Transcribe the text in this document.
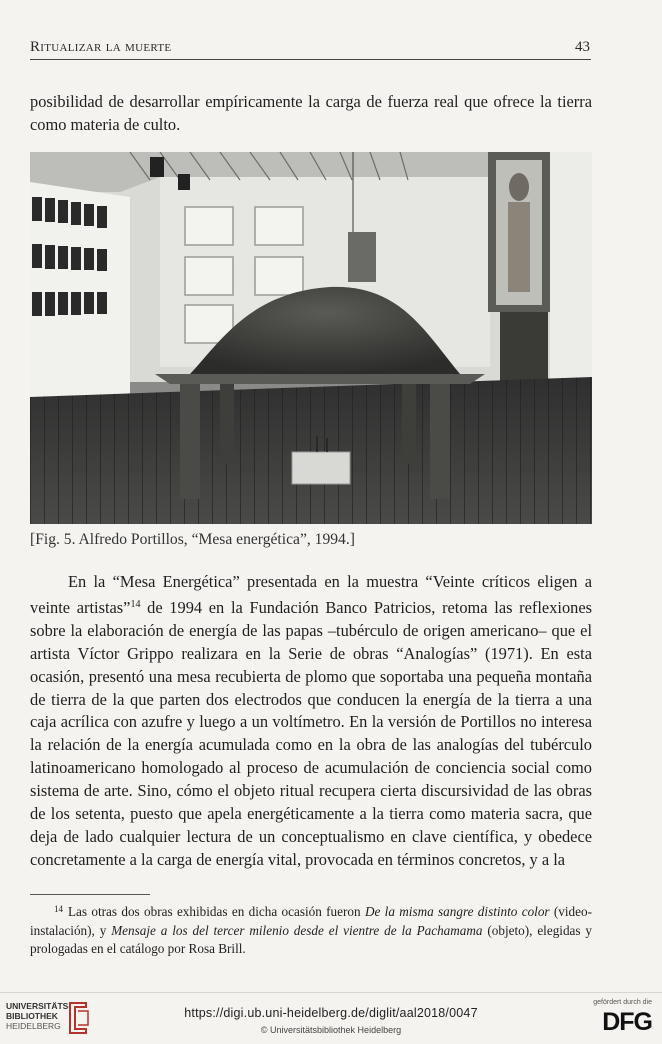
Ritualizar la muerte	43

posibilidad de desarrollar empíricamente la carga de fuerza real que ofrece la tierra como materia de culto.

[Fig. 5. Alfredo Portillos, “Mesa energética”, 1994.]

En la “Mesa Energética” presentada en la muestra “Veinte críticos eligen a veinte artistas”$^{14}$ de 1994 en la Fundación Banco Patricios, retoma las reflexiones sobre la elaboración de energía de las papas –tubérculo de origen americano– que el artista Víctor Grippo realizara en la Serie de obras “Analogías” (1971). En esta ocasión, presentó una mesa recubierta de plomo que soportaba una pequeña montaña de tierra de la que parten dos electrodos que conducen la energía de la tierra a una caja acrílica con azufre y luego a un voltímetro. En la versión de Portillos no interesa la relación de la energía acumulada como en la obra de las analogías del tubérculo latinoamericano homologado al proceso de acumulación de conciencia social como sistema de arte. Sino, cómo el objeto ritual recupera cierta discursividad de las obras de los setenta, puesto que apela energéticamente a la tierra como materia sacra, que deja de lado cualquier lectura de un conceptualismo en clave científica, y obedece concretamente a la carga de energía vital, provocada en términos concretos, y a la

$^{14}$ Las otras dos obras exhibidas en dicha ocasión fueron De la misma sangre distinto color (video-instalación), y Mensaje a los del tercer milenio desde el vientre de la Pachamama (objeto), elegidas y prologadas en el catálogo por Rosa Brill.

UNIVERSITÄTS-
BIBLIOTHEK
HEIDELBERG
https://digi.ub.uni-heidelberg.de/diglit/aal2018/0047
© Universitätsbibliothek Heidelberg
gefördert durch die
DFG
